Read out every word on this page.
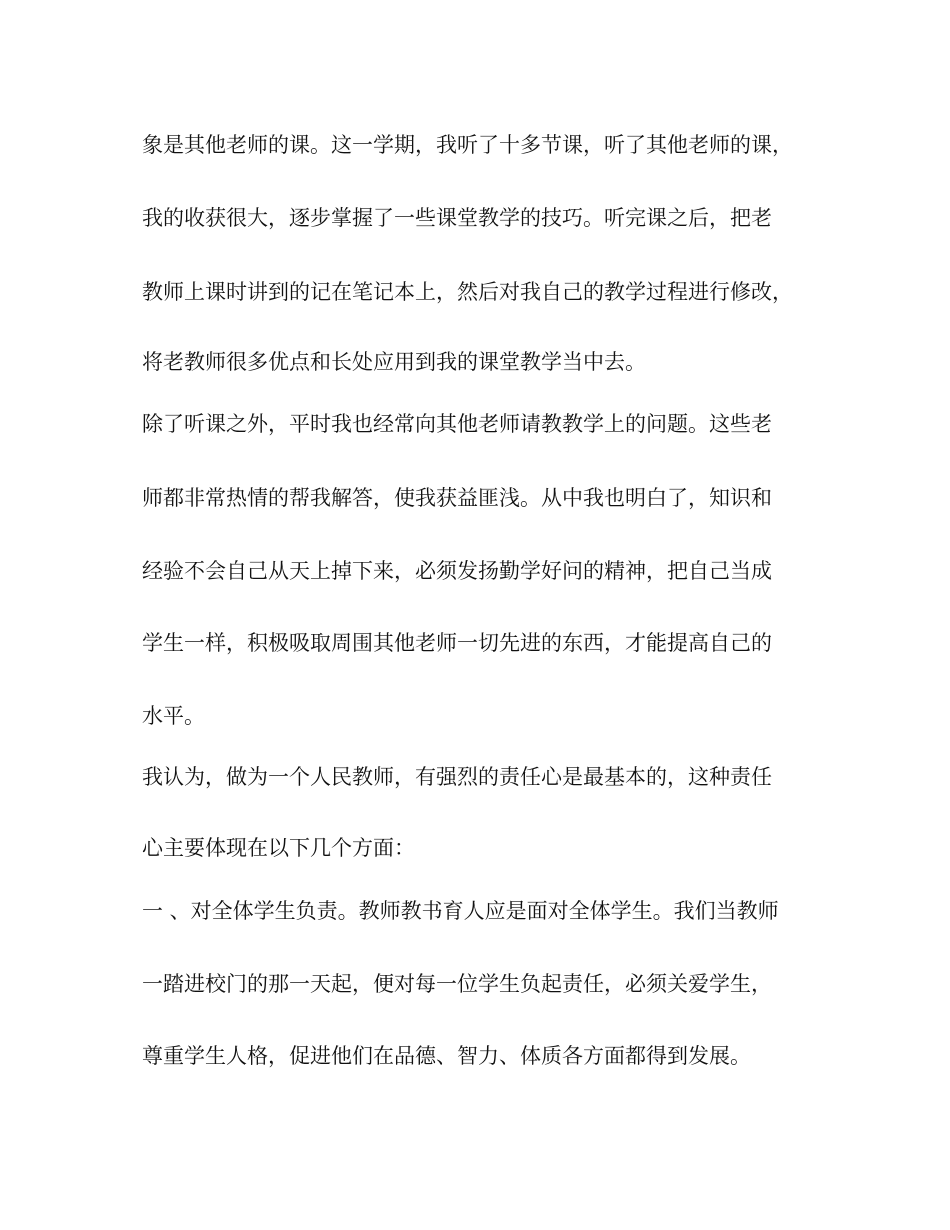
象是其他老师的课。这一学期，我听了十多节课，听了其他老师的课，

我的收获很大，逐步掌握了一些课堂教学的技巧。听完课之后，把老

教师上课时讲到的记在笔记本上，然后对我自己的教学过程进行修改，

将老教师很多优点和长处应用到我的课堂教学当中去。

除了听课之外，平时我也经常向其他老师请教教学上的问题。这些老

师都非常热情的帮我解答，使我获益匪浅。从中我也明白了，知识和

经验不会自己从天上掉下来，必须发扬勤学好问的精神，把自己当成

学生一样，积极吸取周围其他老师一切先进的东西，才能提高自己的

水平。

我认为，做为一个人民教师，有强烈的责任心是最基本的，这种责任

心主要体现在以下几个方面：

一 、对全体学生负责。教师教书育人应是面对全体学生。我们当教师

一踏进校门的那一天起，便对每一位学生负起责任，必须关爱学生，

尊重学生人格，促进他们在品德、智力、体质各方面都得到发展。
